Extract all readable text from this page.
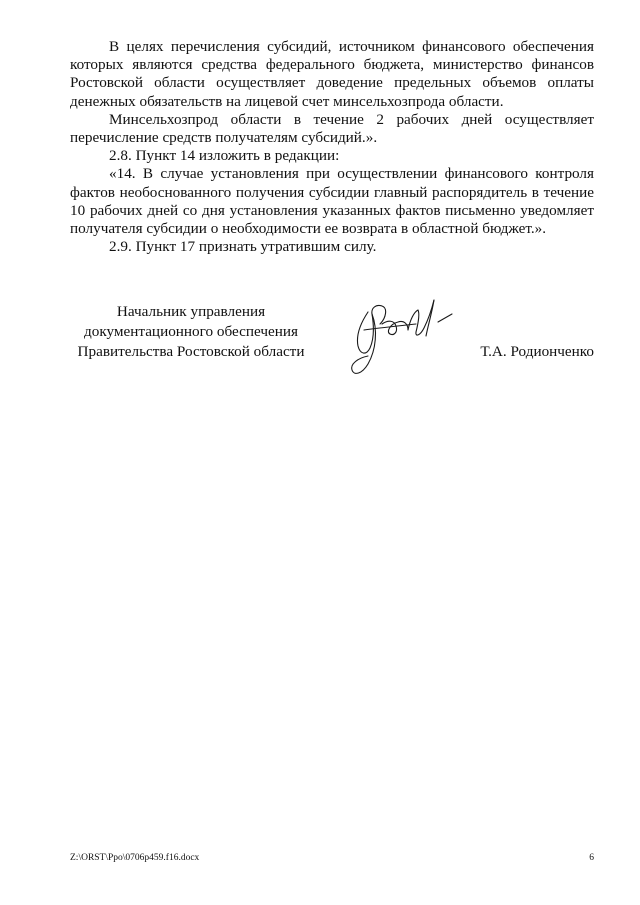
В целях перечисления субсидий, источником финансового обеспечения которых являются средства федерального бюджета, министерство финансов Ростовской области осуществляет доведение предельных объемов оплаты денежных обязательств на лицевой счет минсельхозпрода области.

Минсельхозпрод области в течение 2 рабочих дней осуществляет перечисление средств получателям субсидий.».

2.8. Пункт 14 изложить в редакции:

«14. В случае установления при осуществлении финансового контроля фактов необоснованного получения субсидии главный распорядитель в течение 10 рабочих дней со дня установления указанных фактов письменно уведомляет получателя субсидии о необходимости ее возврата в областной бюджет.».

2.9. Пункт 17 признать утратившим силу.

Начальник управления
документационного обеспечения
Правительства Ростовской области	Т.А. Родионченко
Z:\ORST\Ppo\0706p459.f16.docx	6
